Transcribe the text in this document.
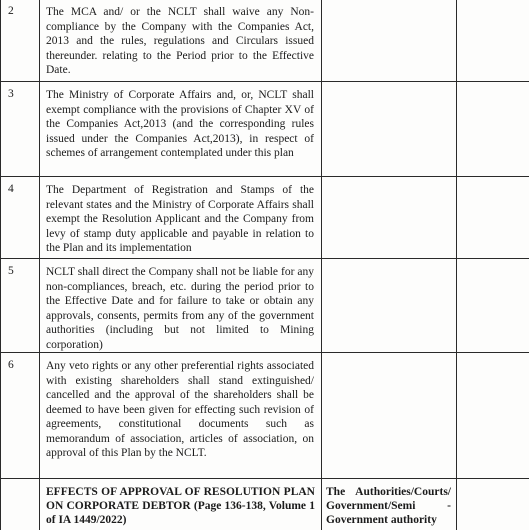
2	The MCA and/ or the NCLT shall waive any Non-compliance by the Company with the Companies Act, 2013 and the rules, regulations and Circulars issued thereunder. relating to the Period prior to the Effective Date.		

3	The Ministry of Corporate Affairs and, or, NCLT shall exempt compliance with the provisions of Chapter XV of the Companies Act,2013 (and the corresponding rules issued under the Companies Act,2013), in respect of schemes of arrangement contemplated under this plan		

4	The Department of Registration and Stamps of the relevant states and the Ministry of Corporate Affairs shall exempt the Resolution Applicant and the Company from levy of stamp duty applicable and payable in relation to the Plan and its implementation		

5	NCLT shall direct the Company shall not be liable for any non-compliances, breach, etc. during the period prior to the Effective Date and for failure to take or obtain any approvals, consents, permits from any of the government authorities (including but not limited to Mining corporation)		

6	Any veto rights or any other preferential rights associated with existing shareholders shall stand extinguished/ cancelled and the approval of the shareholders shall be deemed to have been given for effecting such revision of agreements, constitutional documents such as memorandum of association, articles of association, on approval of this Plan by the NCLT.		

	EFFECTS OF APPROVAL OF RESOLUTION PLAN ON CORPORATE DEBTOR (Page 136-138, Volume 1 of IA 1449/2022)	The Authorities/Courts/ Government/Semi - Government authority	
